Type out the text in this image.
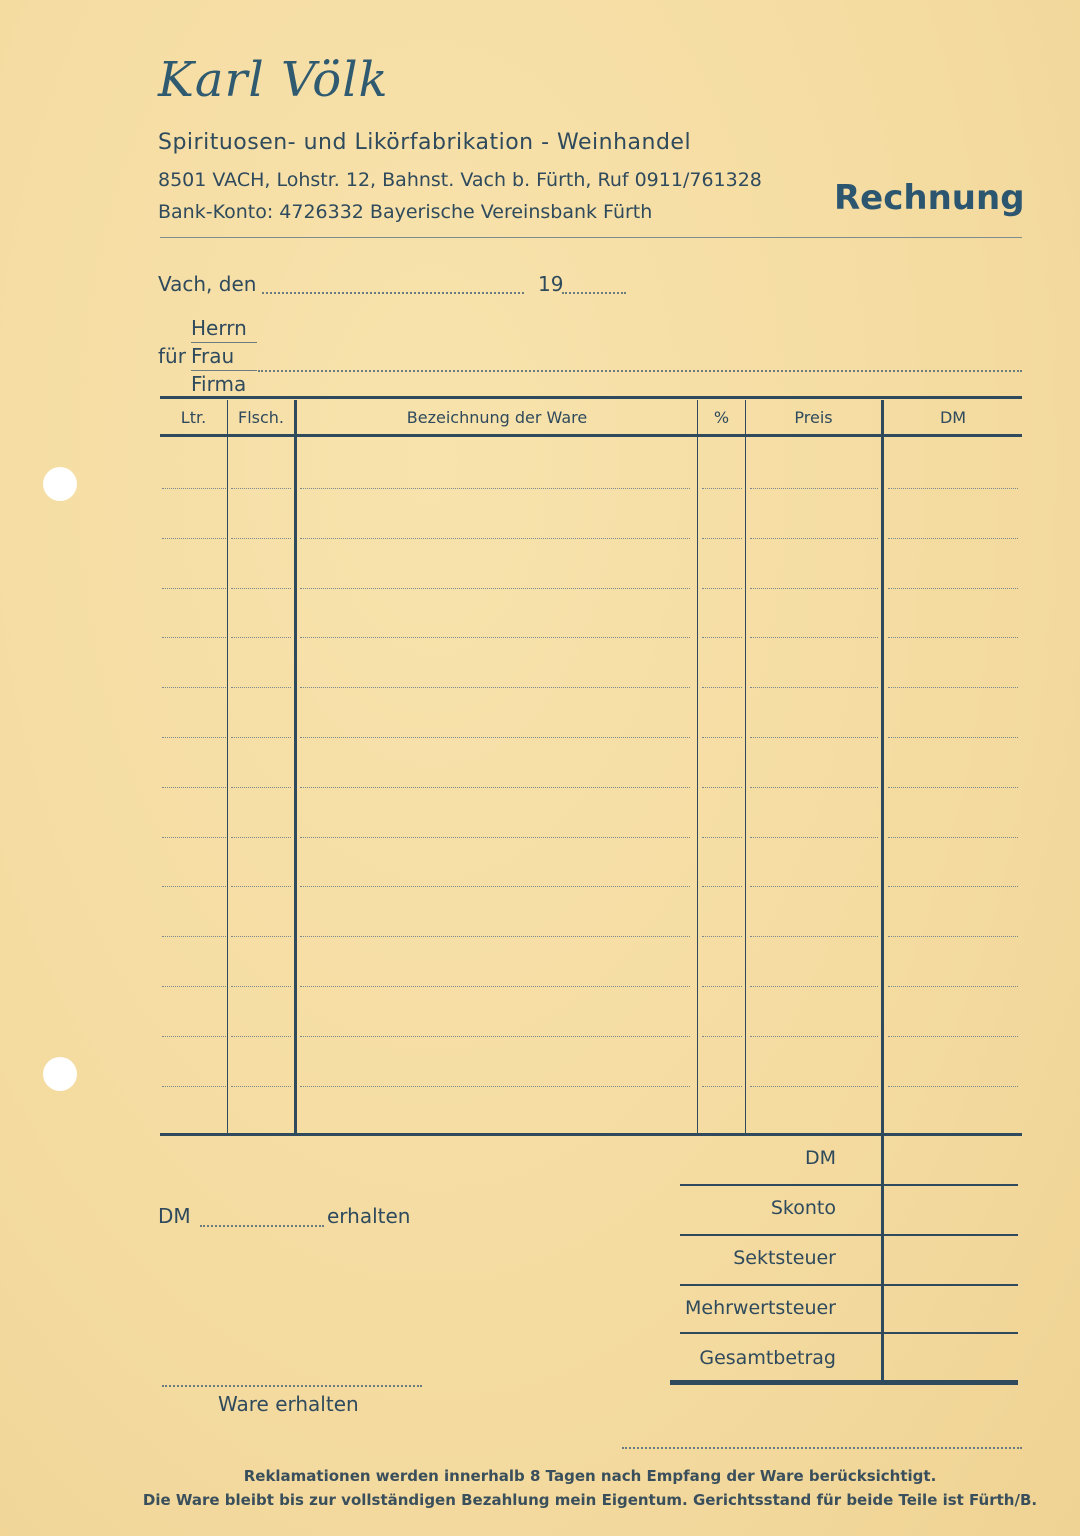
Karl Völk
Spirituosen- und Likörfabrikation - Weinhandel
8501 VACH, Lohstr. 12, Bahnst. Vach b. Fürth, Ruf 0911/761328
Bank-Konto: 4726332 Bayerische Vereinsbank Fürth	Rechnung
Vach, den	19
Herrn
für Frau
Firma
Ltr.	Flsch.	Bezeichnung der Ware	%	Preis	DM
DM
Skonto
Sektsteuer
Mehrwertsteuer
Gesamtbetrag
DM	erhalten
Ware erhalten
Reklamationen werden innerhalb 8 Tagen nach Empfang der Ware berücksichtigt.
Die Ware bleibt bis zur vollständigen Bezahlung mein Eigentum. Gerichtsstand für beide Teile ist Fürth/B.
